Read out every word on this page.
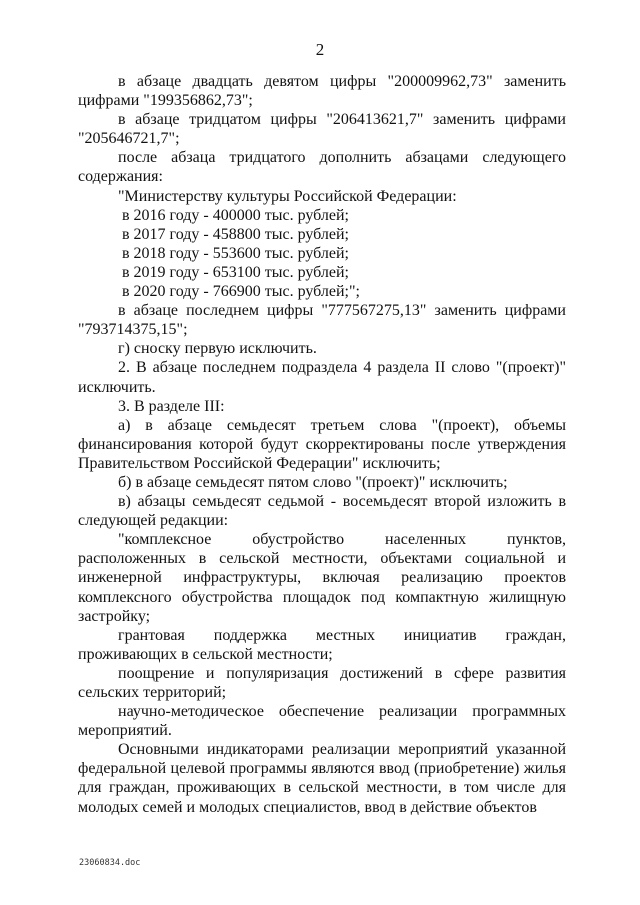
2

в абзаце двадцать девятом цифры "200009962,73" заменить цифрами "199356862,73";

в абзаце тридцатом цифры "206413621,7" заменить цифрами "205646721,7";

после абзаца тридцатого дополнить абзацами следующего содержания:

"Министерству культуры Российской Федерации:

в 2016 году - 400000 тыс. рублей;

в 2017 году - 458800 тыс. рублей;

в 2018 году - 553600 тыс. рублей;

в 2019 году - 653100 тыс. рублей;

в 2020 году - 766900 тыс. рублей;";

в абзаце последнем цифры "777567275,13" заменить цифрами "793714375,15";

г) сноску первую исключить.

2. В абзаце последнем подраздела 4 раздела II слово "(проект)" исключить.

3. В разделе III:

а) в абзаце семьдесят третьем слова "(проект), объемы финансирования которой будут скорректированы после утверждения Правительством Российской Федерации" исключить;

б) в абзаце семьдесят пятом слово "(проект)" исключить;

в) абзацы семьдесят седьмой - восемьдесят второй изложить в следующей редакции:

"комплексное обустройство населенных пунктов, расположенных в сельской местности, объектами социальной и инженерной инфраструктуры, включая реализацию проектов комплексного обустройства площадок под компактную жилищную застройку;

грантовая поддержка местных инициатив граждан, проживающих в сельской местности;

поощрение и популяризация достижений в сфере развития сельских территорий;

научно-методическое обеспечение реализации программных мероприятий.

Основными индикаторами реализации мероприятий указанной федеральной целевой программы являются ввод (приобретение) жилья для граждан, проживающих в сельской местности, в том числе для молодых семей и молодых специалистов, ввод в действие объектов

23060834.doc
